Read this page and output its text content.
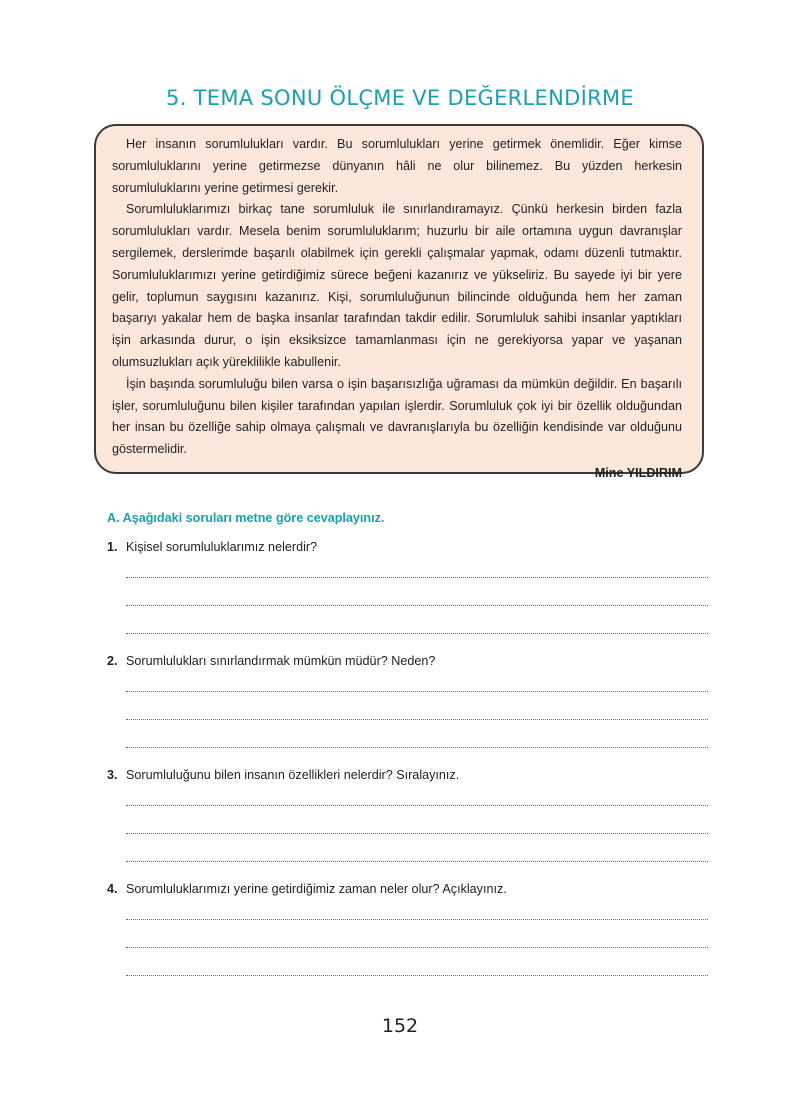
5. TEMA SONU ÖLÇME VE DEĞERLENDİRME

Her insanın sorumlulukları vardır. Bu sorumlulukları yerine getirmek önemlidir. Eğer kimse sorumluluklarını yerine getirmezse dünyanın hâli ne olur bilinemez. Bu yüzden herkesin sorumluluklarını yerine getirmesi gerekir.

Sorumluluklarımızı birkaç tane sorumluluk ile sınırlandıramayız. Çünkü herkesin birden fazla sorumlulukları vardır. Mesela benim sorumluluklarım; huzurlu bir aile ortamına uygun davranışlar sergilemek, derslerimde başarılı olabilmek için gerekli çalışmalar yapmak, odamı düzenli tutmaktır. Sorumluluklarımızı yerine getirdiğimiz sürece beğeni kazanırız ve yükseliriz. Bu sayede iyi bir yere gelir, toplumun saygısını kazanırız. Kişi, sorumluluğunun bilincinde olduğunda hem her zaman başarıyı yakalar hem de başka insanlar tarafından takdir edilir. Sorumluluk sahibi insanlar yaptıkları işin arkasında durur, o işin eksiksizce tamamlanması için ne gerekiyorsa yapar ve yaşanan olumsuzlukları açık yüreklilikle kabullenir.

İşin başında sorumluluğu bilen varsa o işin başarısızlığa uğraması da mümkün değildir. En başarılı işler, sorumluluğunu bilen kişiler tarafından yapılan işlerdir. Sorumluluk çok iyi bir özellik olduğundan her insan bu özelliğe sahip olmaya çalışmalı ve davranışlarıyla bu özelliğin kendisinde var olduğunu göstermelidir.

Mine YILDIRIM
A. Aşağıdaki soruları metne göre cevaplayınız.
1. Kişisel sorumluluklarımız nelerdir?
2. Sorumlulukları sınırlandırmak mümkün müdür? Neden?
3. Sorumluluğunu bilen insanın özellikleri nelerdir? Sıralayınız.
4. Sorumluluklarımızı yerine getirdiğimiz zaman neler olur? Açıklayınız.
152
